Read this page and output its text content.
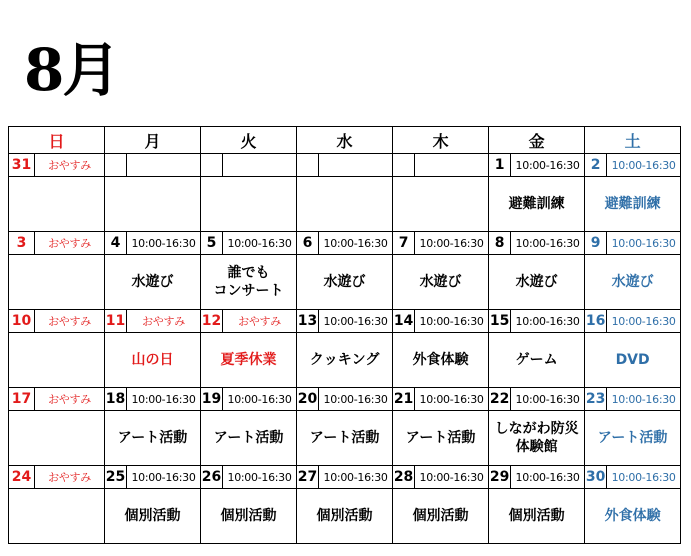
8月
日		月		火		水		木		金		土	
31	おやすみ									1	10:00-16:30	2	10:00-16:30
										避難訓練		避難訓練	
3	おやすみ	4	10:00-16:30	5	10:00-16:30	6	10:00-16:30	7	10:00-16:30	8	10:00-16:30	9	10:00-16:30
		水遊び		誰でも
コンサート		水遊び		水遊び		水遊び		水遊び	
10	おやすみ	11	おやすみ	12	おやすみ	13	10:00-16:30	14	10:00-16:30	15	10:00-16:30	16	10:00-16:30
		山の日		夏季休業		クッキング		外食体験		ゲーム		DVD	
17	おやすみ	18	10:00-16:30	19	10:00-16:30	20	10:00-16:30	21	10:00-16:30	22	10:00-16:30	23	10:00-16:30
		アート活動		アート活動		アート活動		アート活動		しながわ防災
体験館		アート活動	
24	おやすみ	25	10:00-16:30	26	10:00-16:30	27	10:00-16:30	28	10:00-16:30	29	10:00-16:30	30	10:00-16:30
		個別活動		個別活動		個別活動		個別活動		個別活動		外食体験	
